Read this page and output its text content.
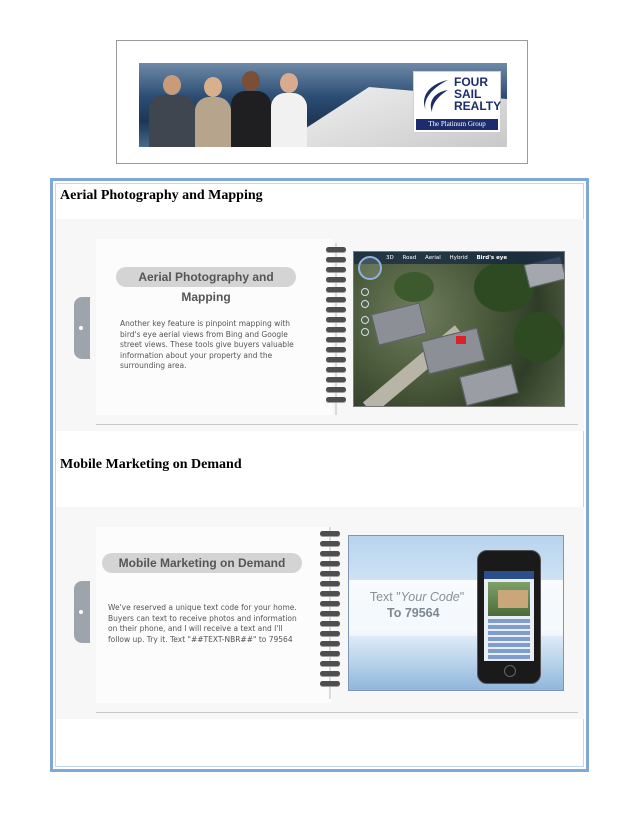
FOUR
SAIL
REALTY
The Platinum Group
Aerial Photography and Mapping
Aerial Photography and Mapping
Another key feature is pinpoint mapping with bird's eye aerial views from Bing and Google street views. These tools give buyers valuable information about your property and the surrounding area.
3D Road Aerial Hybrid Bird's eye
Mobile Marketing on Demand
Mobile Marketing on Demand
We've reserved a unique text code for your home. Buyers can text to receive photos and information on their phone, and I will receive a text and I'll follow up. Try it. Text "##TEXT-NBR##" to 79564
Text "Your Code"
To 79564
